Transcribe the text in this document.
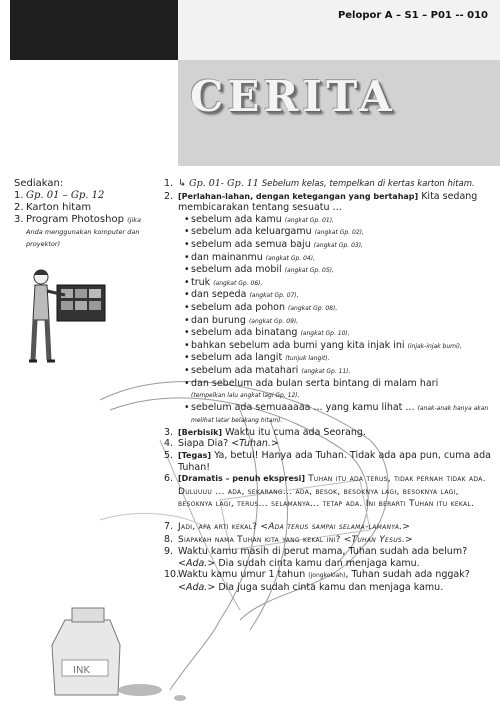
Pelopor A – S1 – P01 -- 010
CERITA
INK
Sediakan:
1. Gp. 01 – Gp. 12
2. Karton hitam
3. Program Photoshop (jika Anda menggunakan komputer dan proyektor)
1. ↳ Gp. 01- Gp. 11 Sebelum kelas, tempelkan di kertas karton hitam.
2. [Perlahan-lahan, dengan ketegangan yang bertahap] Kita sedang membicarakan tentang sesuatu …
• sebelum ada kamu (angkat Gp. 01),
• sebelum ada keluargamu (angkat Gp. 02),
• sebelum ada semua baju (angkat Gp. 03),
• dan mainanmu (angkat Gp. 04),
• sebelum ada mobil (angkat Gp. 05),
• truk (angkat Gp. 06),
• dan sepeda (angkat Gp. 07),
• sebelum ada pohon (angkat Gp. 08),
• dan burung (angkat Gp. 09),
• sebelum ada binatang (angkat Gp. 10),
• bahkan sebelum ada bumi yang kita injak ini (injak-injak bumi),
• sebelum ada langit (tunjuk langit),
• sebelum ada matahari (angkat Gp. 11),
• dan sebelum ada bulan serta bintang di malam hari
(tempelkan lalu angkat lagi Gp. 12),
• sebelum ada semuaaaaa ... yang kamu lihat ... (anak-anak hanya akan melihat latar belakang hitam).
3. [Berbisik] Waktu itu cuma ada Seorang.
4. Siapa Dia? <Tuhan.>
5. [Tegas] Ya, betul! Hanya ada Tuhan. Tidak ada apa pun, cuma ada Tuhan!
6. [Dramatis – penuh ekspresi] Tuhan itu ada terus, tidak pernah tidak ada. Duluuuu ... ada, sekarang... ada, besok, besoknya lagi, besoknya lagi, besoknya lagi, terus... selamanya... tetap ada. Ini berarti Tuhan itu kekal.
7. Jadi, apa arti kekal? <Ada terus sampai selama-lamanya.>
8. Siapakah nama Tuhan kita yang kekal ini? <Tuhan Yesus.>
9. Waktu kamu masih di perut mama, Tuhan sudah ada belum? <Ada.> Dia sudah cinta kamu dan menjaga kamu.
10.
Waktu kamu umur 1 tahun (jongkoklah), Tuhan sudah ada nggak? <Ada.> Dia juga sudah cinta kamu dan menjaga kamu.
